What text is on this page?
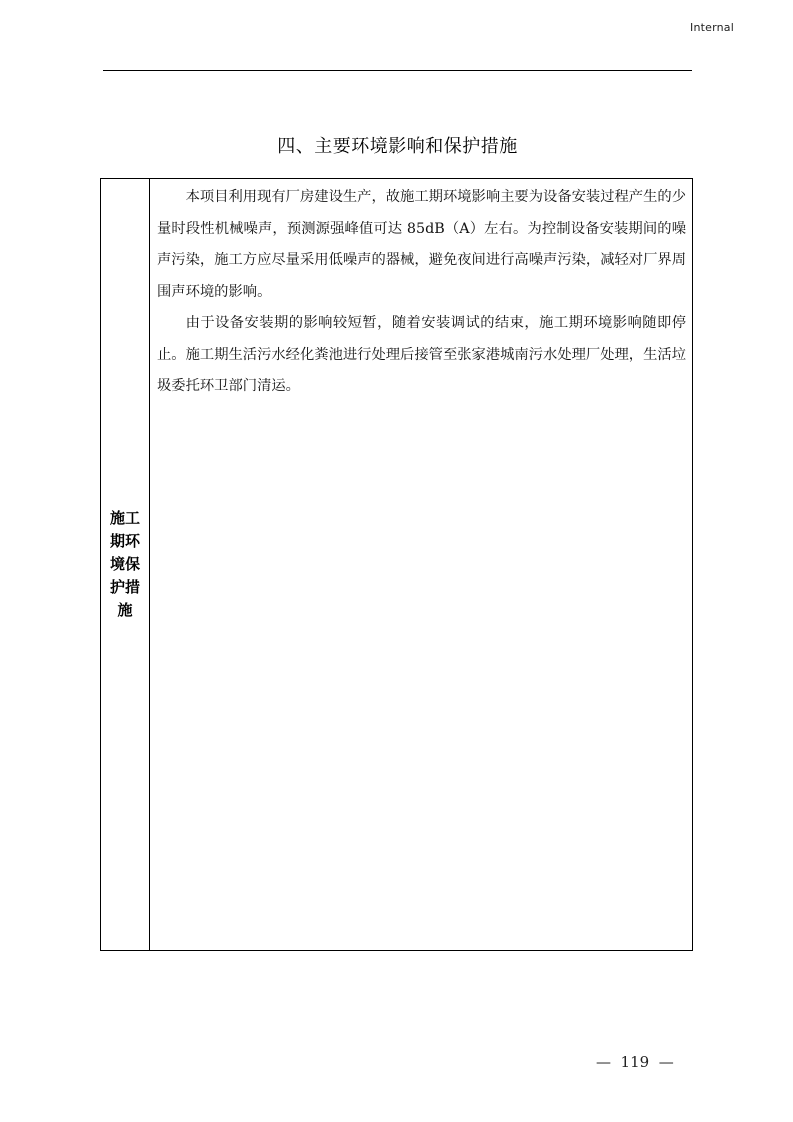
Internal
四、主要环境影响和保护措施
施工期环境保护措施

本项目利用现有厂房建设生产，故施工期环境影响主要为设备安装过程产生的少量时段性机械噪声，预测源强峰值可达 85dB（A）左右。为控制设备安装期间的噪声污染，施工方应尽量采用低噪声的器械，避免夜间进行高噪声污染，减轻对厂界周围声环境的影响。

由于设备安装期的影响较短暂，随着安装调试的结束，施工期环境影响随即停止。施工期生活污水经化粪池进行处理后接管至张家港城南污水处理厂处理，生活垃圾委托环卫部门清运。

—  119  —
